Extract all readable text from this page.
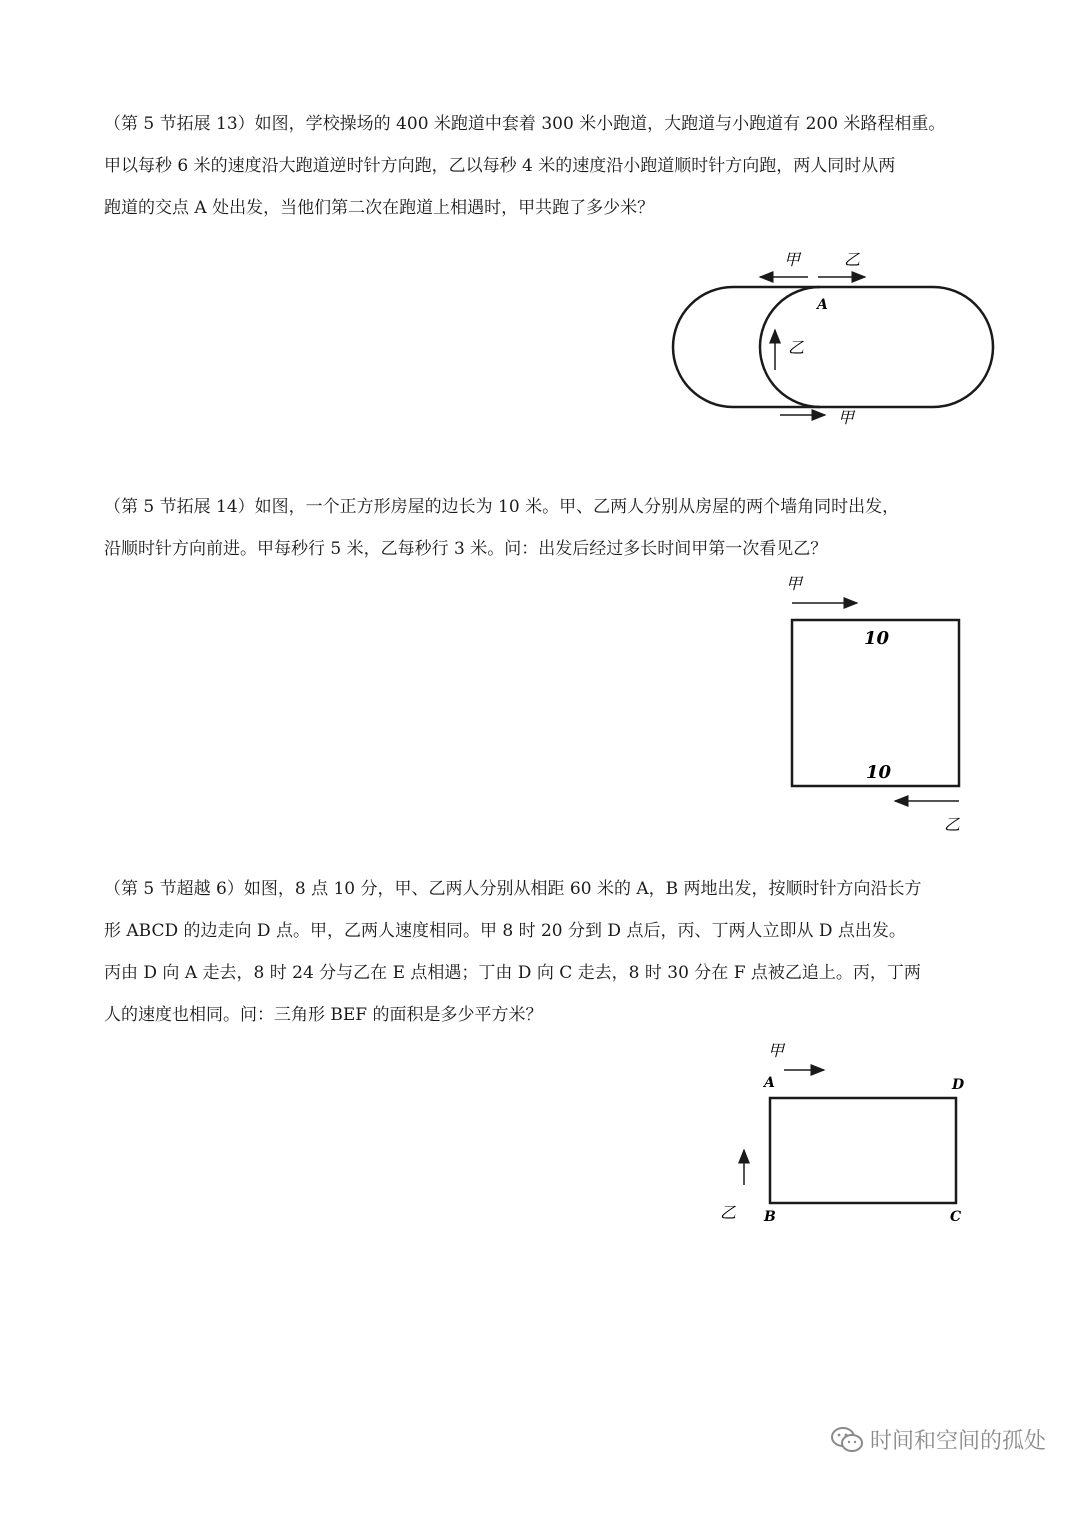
（第 5 节拓展 13）如图，学校操场的 400 米跑道中套着 300 米小跑道，大跑道与小跑道有 200 米路程相重。
甲以每秒 6 米的速度沿大跑道逆时针方向跑，乙以每秒 4 米的速度沿小跑道顺时针方向跑，两人同时从两
跑道的交点 A 处出发，当他们第二次在跑道上相遇时，甲共跑了多少米？
甲	乙
A
乙
甲
（第 5 节拓展 14）如图，一个正方形房屋的边长为 10 米。甲、乙两人分别从房屋的两个墙角同时出发，
沿顺时针方向前进。甲每秒行 5 米，乙每秒行 3 米。问：出发后经过多长时间甲第一次看见乙？
甲
10
10
乙
（第 5 节超越 6）如图，8 点 10 分，甲、乙两人分别从相距 60 米的 A，B 两地出发，按顺时针方向沿长方
形 ABCD 的边走向 D 点。甲，乙两人速度相同。甲 8 时 20 分到 D 点后，丙、丁两人立即从 D 点出发。
丙由 D 向 A 走去，8 时 24 分与乙在 E 点相遇；丁由 D 向 C 走去，8 时 30 分在 F 点被乙追上。丙，丁两
人的速度也相同。问：三角形 BEF 的面积是多少平方米？
甲
A	D
乙 B	C
时间和空间的孤处
